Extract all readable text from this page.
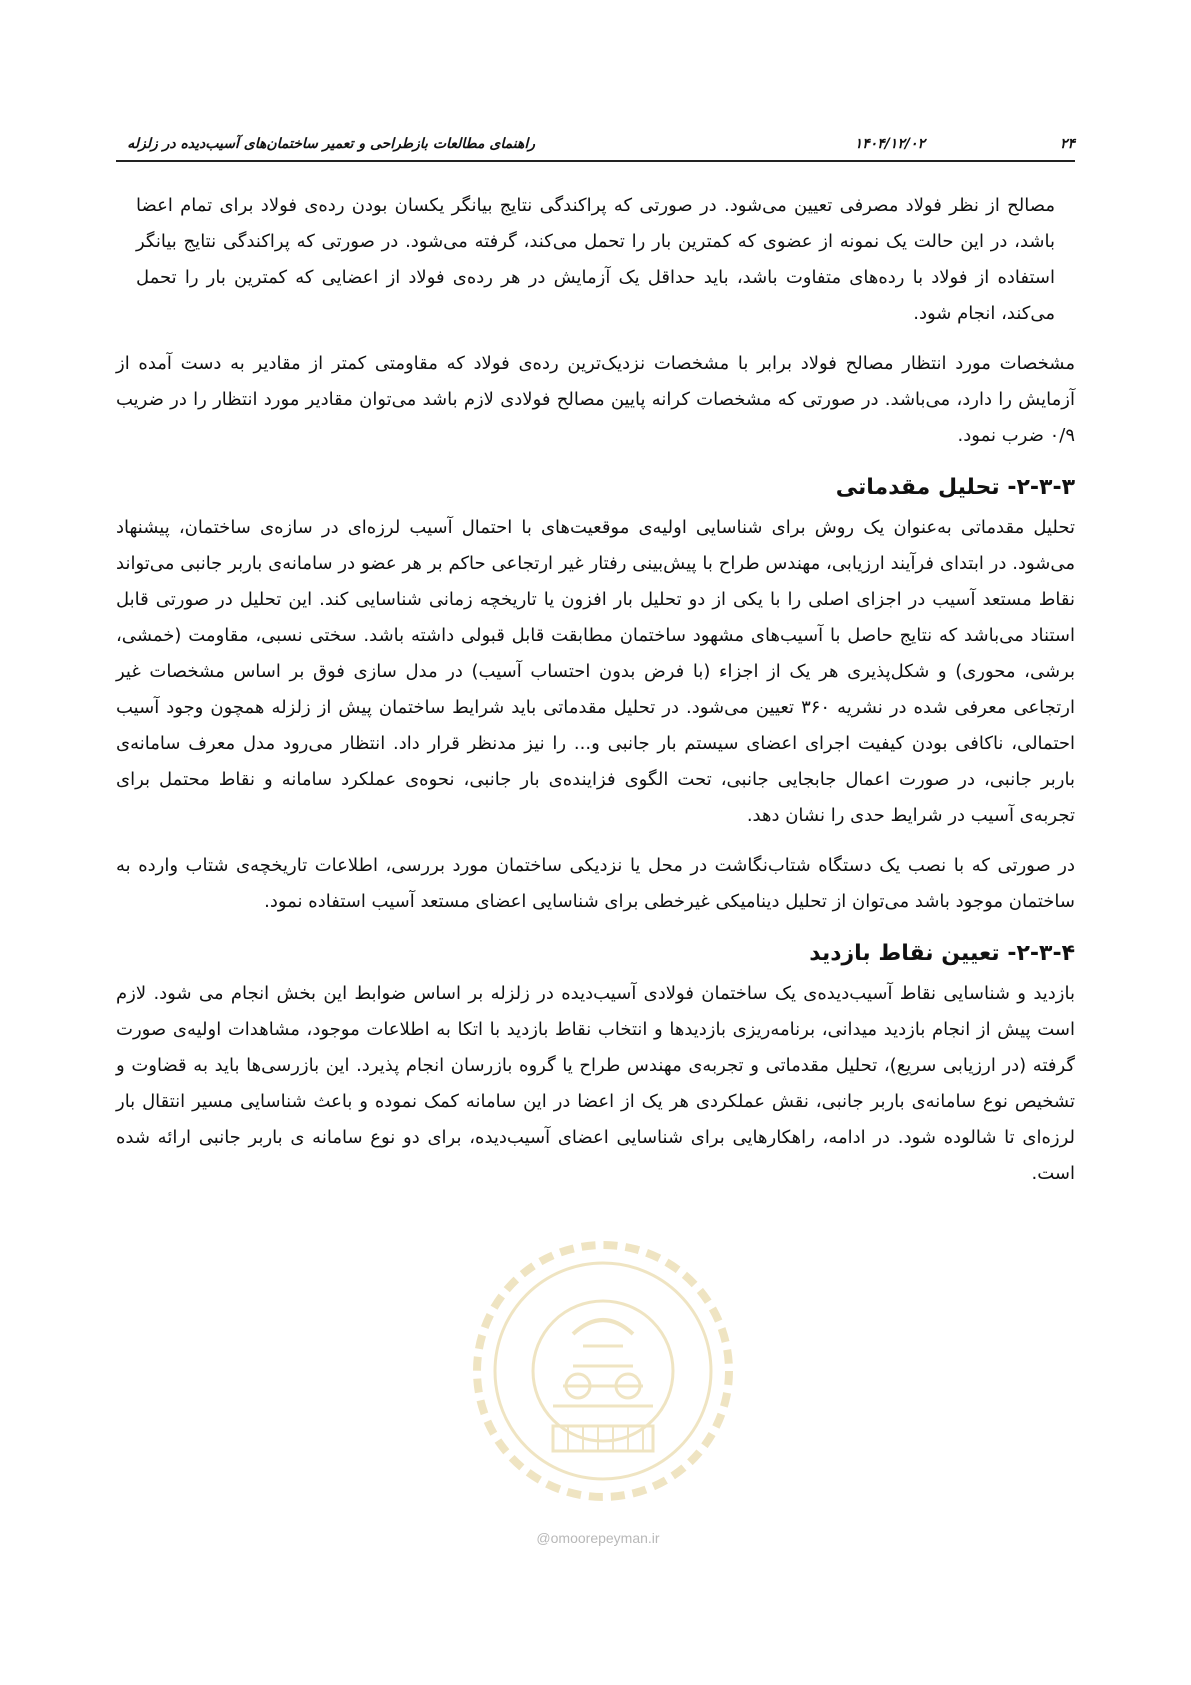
راهنمای مطالعات بازطراحی و تعمیر ساختمان‌های آسیب‌دیده در زلزله	۱۴۰۴/۱۲/۰۲	۲۴

مصالح از نظر فولاد مصرفی تعیین می‌شود. در صورتی که پراکندگی نتایج بیانگر یکسان بودن رده‌ی فولاد برای تمام اعضا باشد، در این حالت یک نمونه از عضوی که کمترین بار را تحمل می‌کند، گرفته می‌شود. در صورتی که پراکندگی نتایج بیانگر استفاده از فولاد با رده‌های متفاوت باشد، باید حداقل یک آزمایش در هر رده‌ی فولاد از اعضایی که کمترین بار را تحمل می‌کند، انجام شود.

مشخصات مورد انتظار مصالح فولاد برابر با مشخصات نزدیک‌ترین رده‌ی فولاد که مقاومتی کمتر از مقادیر به دست آمده از آزمایش را دارد، می‌باشد. در صورتی که مشخصات کرانه پایین مصالح فولادی لازم باشد می‌توان مقادیر مورد انتظار را در ضریب ۰/۹ ضرب نمود.

۲-۳-۳- تحلیل مقدماتی

تحلیل مقدماتی به‌عنوان یک روش برای شناسایی اولیه‌ی موقعیت‌های با احتمال آسیب لرزه‌ای در سازه‌ی ساختمان، پیشنهاد می‌شود. در ابتدای فرآیند ارزیابی، مهندس طراح با پیش‌بینی رفتار غیر ارتجاعی حاکم بر هر عضو در سامانه‌ی باربر جانبی می‌تواند نقاط مستعد آسیب در اجزای اصلی را با یکی از دو تحلیل بار افزون یا تاریخچه زمانی شناسایی کند. این تحلیل در صورتی قابل استناد می‌باشد که نتایج حاصل با آسیب‌های مشهود ساختمان مطابقت قابل قبولی داشته باشد. سختی نسبی، مقاومت (خمشی، برشی، محوری) و شکل‌پذیری هر یک از اجزاء (با فرض بدون احتساب آسیب) در مدل سازی فوق بر اساس مشخصات غیر ارتجاعی معرفی شده در نشریه ۳۶۰ تعیین می‌شود. در تحلیل مقدماتی باید شرایط ساختمان پیش از زلزله همچون وجود آسیب احتمالی، ناکافی بودن کیفیت اجرای اعضای سیستم بار جانبی و... را نیز مدنظر قرار داد. انتظار می‌رود مدل معرف سامانه‌ی باربر جانبی، در صورت اعمال جابجایی جانبی، تحت الگوی فزاینده‌ی بار جانبی، نحوه‌ی عملکرد سامانه و نقاط محتمل برای تجربه‌ی آسیب در شرایط حدی را نشان دهد.

در صورتی که با نصب یک دستگاه شتاب‌نگاشت در محل یا نزدیکی ساختمان مورد بررسی، اطلاعات تاریخچه‌ی شتاب وارده به ساختمان موجود باشد می‌توان از تحلیل دینامیکی غیرخطی برای شناسایی اعضای مستعد آسیب استفاده نمود.

۲-۳-۴- تعیین نقاط بازدید

بازدید و شناسایی نقاط آسیب‌دیده‌ی یک ساختمان فولادی آسیب‌دیده در زلزله بر اساس ضوابط این بخش انجام می شود. لازم است پیش از انجام بازدید میدانی، برنامه‌ریزی بازدیدها و انتخاب نقاط بازدید با اتکا به اطلاعات موجود، مشاهدات اولیه‌ی صورت گرفته (در ارزیابی سریع)، تحلیل مقدماتی و تجربه‌ی مهندس طراح یا گروه بازرسان انجام پذیرد. این بازرسی‌ها باید به قضاوت و تشخیص نوع سامانه‌ی باربر جانبی، نقش عملکردی هر یک از اعضا در این سامانه کمک نموده و باعث شناسایی مسیر انتقال بار لرزه‌ای تا شالوده شود. در ادامه، راهکارهایی برای شناسایی اعضای آسیب‌دیده، برای دو نوع سامانه ی باربر جانبی ارائه شده است.

@omoorepeyman.ir
